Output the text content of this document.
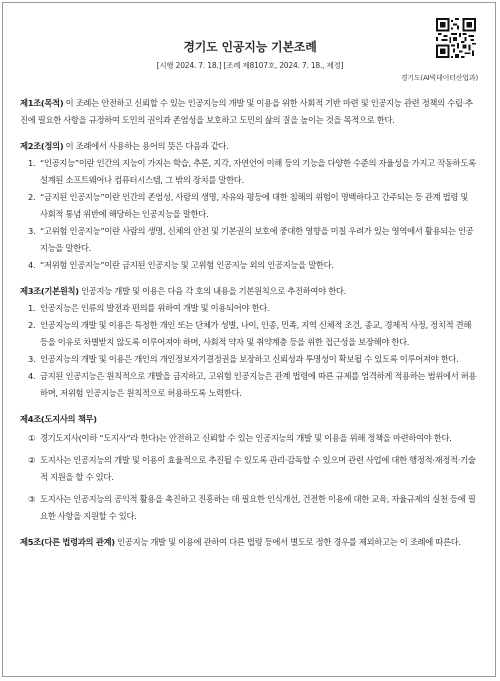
경기도 인공지능 기본조례
[시행 2024. 7. 18.] [조례 제8107호, 2024. 7. 18., 제정]
경기도(AI빅데이터산업과)
제1조(목적) 이 조례는 안전하고 신뢰할 수 있는 인공지능의 개발 및 이용을 위한 사회적 기반 마련 및 인공지능 관련 정책의 수립·추진에 필요한 사항을 규정하여 도민의 권익과 존엄성을 보호하고 도민의 삶의 질을 높이는 것을 목적으로 한다.
제2조(정의) 이 조례에서 사용하는 용어의 뜻은 다음과 같다.
1. “인공지능”이란 인간의 지능이 가지는 학습, 추론, 지각, 자연언어 이해 등의 기능을 다양한 수준의 자율성을 가지고 작동하도록 설계된 소프트웨어나 컴퓨터시스템, 그 밖의 장치를 말한다.
2. “금지된 인공지능”이란 인간의 존엄성, 사람의 생명, 자유와 평등에 대한 침해의 위험이 명백하다고 간주되는 등 관계 법령 및 사회적 통념 위반에 해당하는 인공지능을 말한다.
3. “고위험 인공지능”이란 사람의 생명, 신체의 안전 및 기본권의 보호에 중대한 영향을 미칠 우려가 있는 영역에서 활용되는 인공지능을 말한다.
4. “저위험 인공지능”이란 금지된 인공지능 및 고위험 인공지능 외의 인공지능을 말한다.
제3조(기본원칙) 인공지능 개발 및 이용은 다음 각 호의 내용을 기본원칙으로 추진하여야 한다.
1. 인공지능은 인류의 발전과 편의를 위하여 개발 및 이용되어야 한다.
2. 인공지능의 개발 및 이용은 특정한 개인 또는 단체가 성별, 나이, 인종, 민족, 지역 신체적 조건, 종교, 경제적 사정, 정치적 견해 등을 이유로 차별받지 않도록 이루어져야 하며, 사회적 약자 및 취약계층 등을 위한 접근성을 보장해야 한다.
3. 인공지능의 개발 및 이용은 개인의 개인정보자기결정권을 보장하고 신뢰성과 투명성이 확보될 수 있도록 이루어져야 한다.
4. 금지된 인공지능은 원칙적으로 개발을 금지하고, 고위험 인공지능은 관계 법령에 따른 규제를 엄격하게 적용하는 범위에서 허용하며, 저위험 인공지능은 원칙적으로 허용하도록 노력한다.
제4조(도지사의 책무)
① 경기도지사(이하 “도지사”라 한다)는 안전하고 신뢰할 수 있는 인공지능의 개발 및 이용을 위해 정책을 마련하여야 한다.
② 도지사는 인공지능의 개발 및 이용이 효율적으로 추진될 수 있도록 관리·감독할 수 있으며 관련 사업에 대한 행정적·재정적·기술적 지원을 할 수 있다.
③ 도지사는 인공지능의 공익적 활용을 촉진하고 진흥하는 데 필요한 인식개선, 건전한 이용에 대한 교육, 자율규제의 실천 등에 필요한 사항을 지원할 수 있다.
제5조(다른 법령과의 관계) 인공지능 개발 및 이용에 관하여 다른 법령 등에서 별도로 정한 경우를 제외하고는 이 조례에 따른다.
